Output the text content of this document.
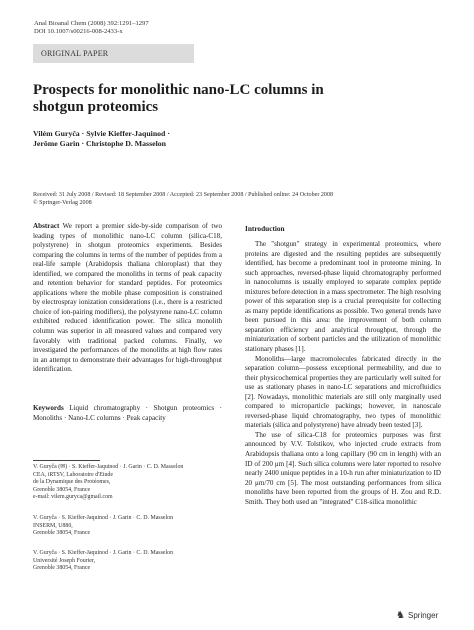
Anal Bioanal Chem (2008) 392:1291–1297
DOI 10.1007/s00216-008-2433-x
ORIGINAL PAPER
Prospects for monolithic nano-LC columns in shotgun proteomics
Vilém Guryča · Sylvie Kieffer-Jaquinod ·
Jerôme Garin · Christophe D. Masselon
Received: 31 July 2008 / Revised: 18 September 2008 / Accepted: 23 September 2008 / Published online: 24 October 2008
© Springer-Verlag 2008
Abstract We report a premier side-by-side comparison of two leading types of monolithic nano-LC column (silica-C18, polystyrene) in shotgun proteomics experiments. Besides comparing the columns in terms of the number of peptides from a real-life sample (Arabidopsis thaliana chloroplast) that they identified, we compared the monoliths in terms of peak capacity and retention behavior for standard peptides. For proteomics applications where the mobile phase composition is constrained by electrospray ionization considerations (i.e., there is a restricted choice of ion-pairing modifiers), the polystyrene nano-LC column exhibited reduced identification power. The silica monolith column was superior in all measured values and compared very favorably with traditional packed columns. Finally, we investigated the performances of the monoliths at high flow rates in an attempt to demonstrate their advantages for high-throughput identification.
Keywords Liquid chromatography · Shotgun proteomics · Monoliths · Nano-LC columns · Peak capacity
V. Guryča (✉) · S. Kieffer-Jaquinod · J. Garin · C. D. Masselon
CEA, iRTSV, Laboratoire d'Etude
de la Dynamique des Protéomes,
Grenoble 38054, France
e-mail: vilem.guryca@gmail.com
V. Guryča · S. Kieffer-Jaquinod · J. Garin · C. D. Masselon
INSERM, U880,
Grenoble 38054, France
V. Guryča · S. Kieffer-Jaquinod · J. Garin · C. D. Masselon
Université Joseph Fourier,
Grenoble 38054, France
Introduction

The "shotgun" strategy in experimental proteomics, where proteins are digested and the resulting peptides are subsequently identified, has become a predominant tool in proteome mining. In such approaches, reversed-phase liquid chromatography performed in nanocolumns is usually employed to separate complex peptide mixtures before detection in a mass spectrometer. The high resolving power of this separation step is a crucial prerequisite for collecting as many peptide identifications as possible. Two general trends have been pursued in this area: the improvement of both column separation efficiency and analytical throughput, through the miniaturization of sorbent particles and the utilization of monolithic stationary phases [1].

Monoliths—large macromolecules fabricated directly in the separation column—possess exceptional permeability, and due to their physicochemical properties they are particularly well suited for use as stationary phases in nano-LC separations and microfluidics [2]. Nowadays, monolithic materials are still only marginally used compared to microparticle packings; however, in nanoscale reversed-phase liquid chromatography, two types of monolithic materials (silica and polystyrene) have already been tested [3].

The use of silica-C18 for proteomics purposes was first announced by V.V. Tolstikov, who injected crude extracts from Arabidopsis thaliana onto a long capillary (90 cm in length) with an ID of 200 μm [4]. Such silica columns were later reported to resolve nearly 2400 unique peptides in a 10-h run after miniaturization to ID 20 μm/70 cm [5]. The most outstanding performances from silica monoliths have been reported from the groups of H. Zou and R.D. Smith. They both used an "integrated" C18-silica monolithic

♞ Springer
